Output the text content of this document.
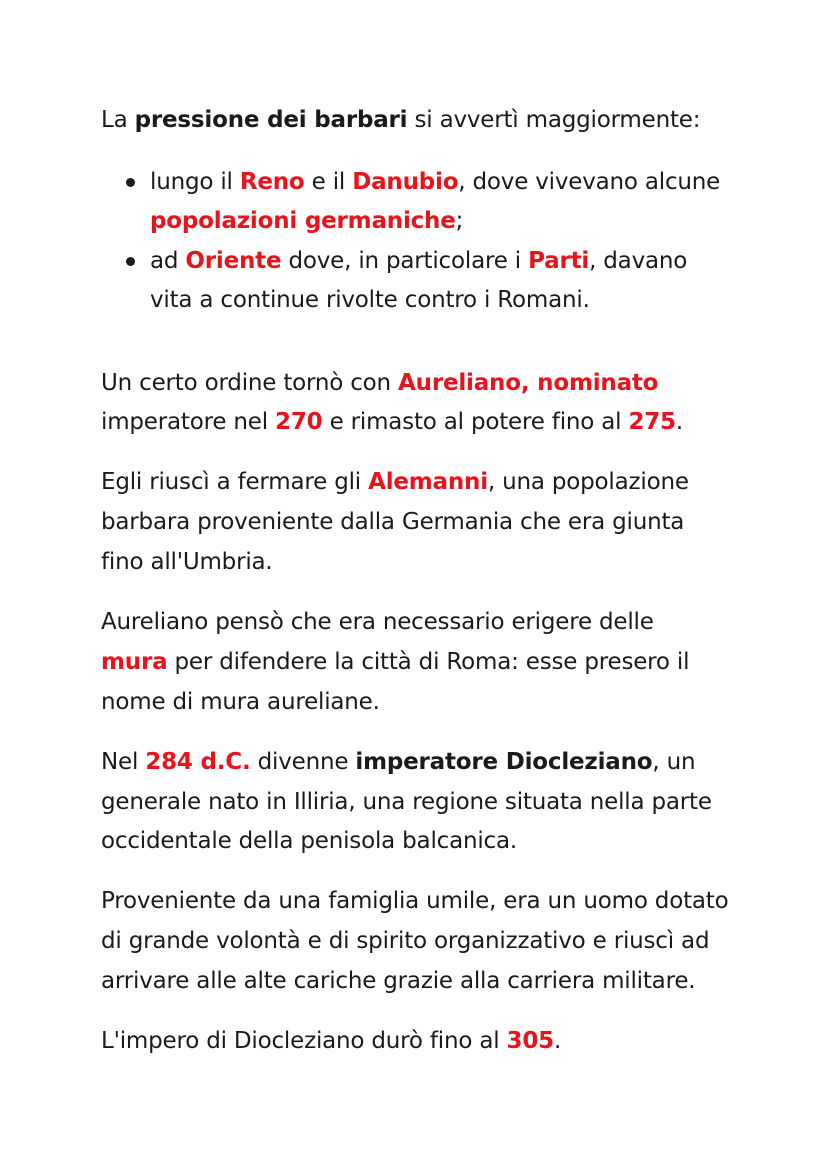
La pressione dei barbari si avvertì maggiormente:
lungo il Reno e il Danubio, dove vivevano alcune
popolazioni germaniche;
ad Oriente dove, in particolare i Parti, davano
vita a continue rivolte contro i Romani.
Un certo ordine tornò con Aureliano, nominato
imperatore nel 270 e rimasto al potere fino al 275.
Egli riuscì a fermare gli Alemanni, una popolazione
barbara proveniente dalla Germania che era giunta
fino all'Umbria.
Aureliano pensò che era necessario erigere delle
mura per difendere la città di Roma: esse presero il
nome di mura aureliane.
Nel 284 d.C. divenne imperatore Diocleziano, un
generale nato in Illiria, una regione situata nella parte
occidentale della penisola balcanica.
Proveniente da una famiglia umile, era un uomo dotato
di grande volontà e di spirito organizzativo e riuscì ad
arrivare alle alte cariche grazie alla carriera militare.
L'impero di Diocleziano durò fino al 305.
